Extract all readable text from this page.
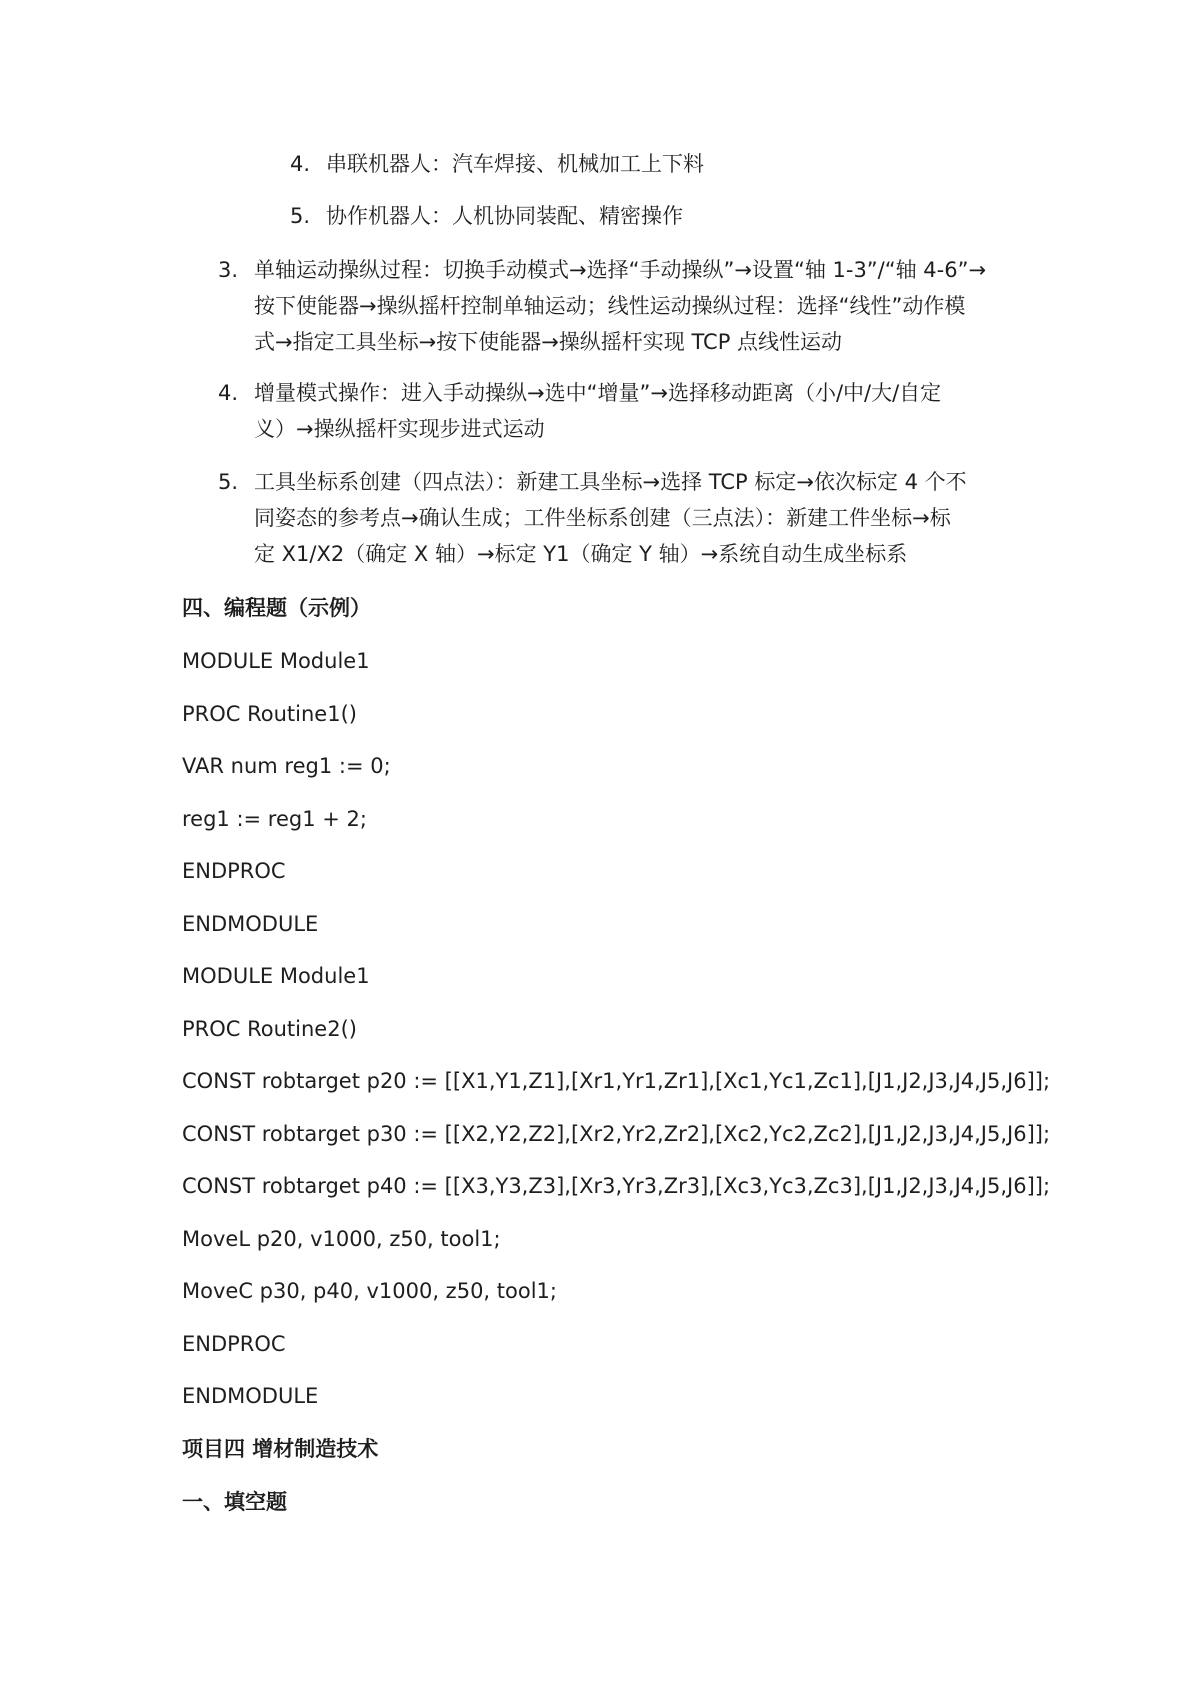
4. 串联机器人：汽车焊接、机械加工上下料
5. 协作机器人：人机协同装配、精密操作
3. 单轴运动操纵过程：切换手动模式→选择“手动操纵”→设置“轴 1-3”/“轴 4-6”→
按下使能器→操纵摇杆控制单轴运动；线性运动操纵过程：选择“线性”动作模
式→指定工具坐标→按下使能器→操纵摇杆实现 TCP 点线性运动
4. 增量模式操作：进入手动操纵→选中“增量”→选择移动距离（小/中/大/自定
义）→操纵摇杆实现步进式运动
5. 工具坐标系创建（四点法）：新建工具坐标→选择 TCP 标定→依次标定 4 个不
同姿态的参考点→确认生成；工件坐标系创建（三点法）：新建工件坐标→标
定 X1/X2（确定 X 轴）→标定 Y1（确定 Y 轴）→系统自动生成坐标系
四、编程题（示例）
MODULE Module1
PROC Routine1()
VAR num reg1 := 0;
reg1 := reg1 + 2;
ENDPROC
ENDMODULE
MODULE Module1
PROC Routine2()
CONST robtarget p20 := [[X1,Y1,Z1],[Xr1,Yr1,Zr1],[Xc1,Yc1,Zc1],[J1,J2,J3,J4,J5,J6]];
CONST robtarget p30 := [[X2,Y2,Z2],[Xr2,Yr2,Zr2],[Xc2,Yc2,Zc2],[J1,J2,J3,J4,J5,J6]];
CONST robtarget p40 := [[X3,Y3,Z3],[Xr3,Yr3,Zr3],[Xc3,Yc3,Zc3],[J1,J2,J3,J4,J5,J6]];
MoveL p20, v1000, z50, tool1;
MoveC p30, p40, v1000, z50, tool1;
ENDPROC
ENDMODULE
项目四 增材制造技术
一、填空题
